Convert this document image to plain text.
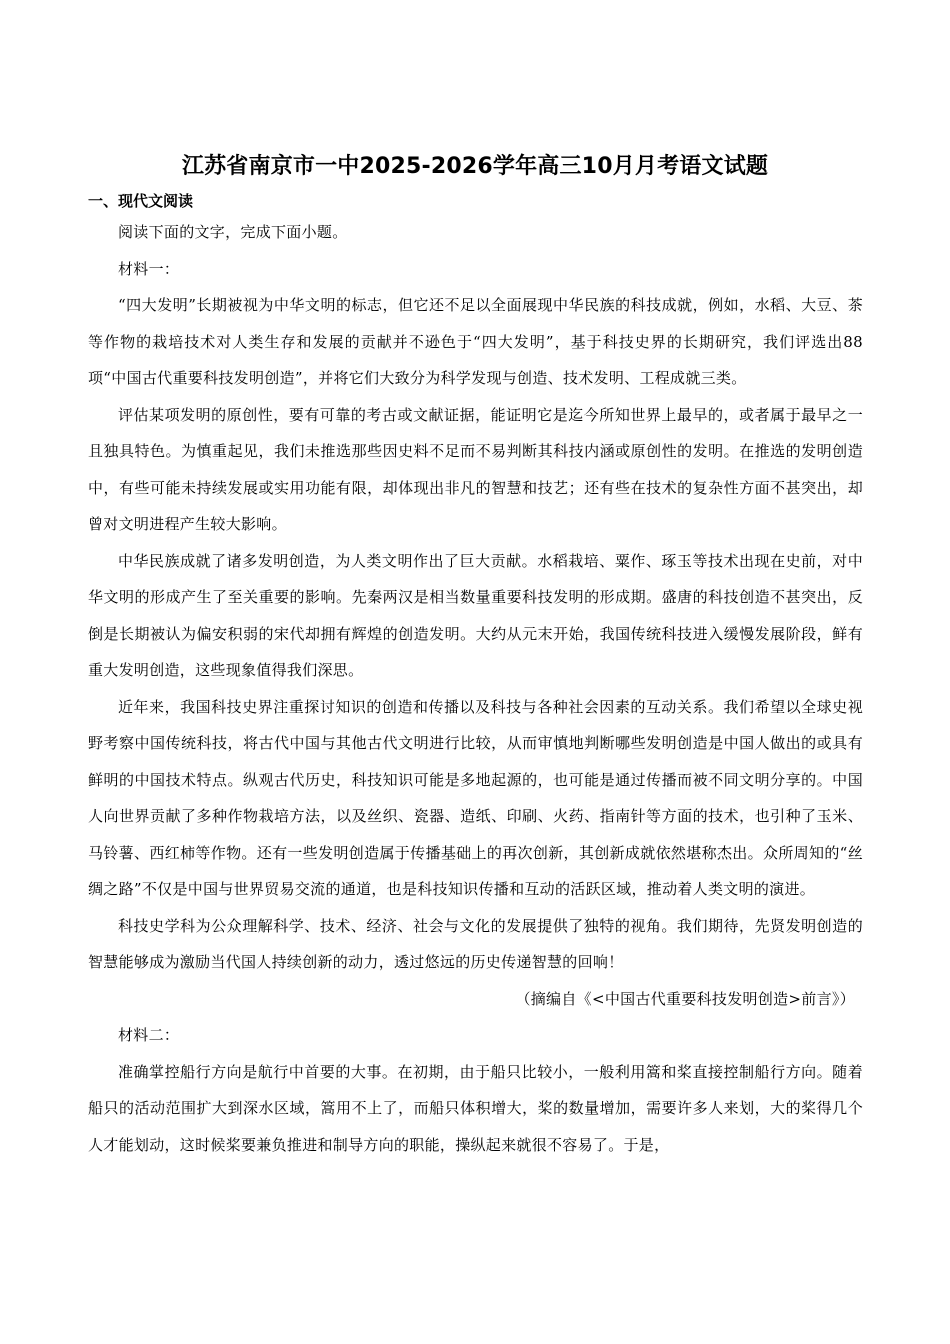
江苏省南京市一中2025-2026学年高三10月月考语文试题
一、现代文阅读

阅读下面的文字，完成下面小题。

材料一：

“四大发明”长期被视为中华文明的标志，但它还不足以全面展现中华民族的科技成就，例如，水稻、大豆、茶等作物的栽培技术对人类生存和发展的贡献并不逊色于“四大发明”，基于科技史界的长期研究，我们评选出88项“中国古代重要科技发明创造”，并将它们大致分为科学发现与创造、技术发明、工程成就三类。

评估某项发明的原创性，要有可靠的考古或文献证据，能证明它是迄今所知世界上最早的，或者属于最早之一且独具特色。为慎重起见，我们未推选那些因史料不足而不易判断其科技内涵或原创性的发明。在推选的发明创造中，有些可能未持续发展或实用功能有限，却体现出非凡的智慧和技艺；还有些在技术的复杂性方面不甚突出，却曾对文明进程产生较大影响。

中华民族成就了诸多发明创造，为人类文明作出了巨大贡献。水稻栽培、粟作、琢玉等技术出现在史前，对中华文明的形成产生了至关重要的影响。先秦两汉是相当数量重要科技发明的形成期。盛唐的科技创造不甚突出，反倒是长期被认为偏安积弱的宋代却拥有辉煌的创造发明。大约从元末开始，我国传统科技进入缓慢发展阶段，鲜有重大发明创造，这些现象值得我们深思。

近年来，我国科技史界注重探讨知识的创造和传播以及科技与各种社会因素的互动关系。我们希望以全球史视野考察中国传统科技，将古代中国与其他古代文明进行比较，从而审慎地判断哪些发明创造是中国人做出的或具有鲜明的中国技术特点。纵观古代历史，科技知识可能是多地起源的，也可能是通过传播而被不同文明分享的。中国人向世界贡献了多种作物栽培方法，以及丝织、瓷器、造纸、印刷、火药、指南针等方面的技术，也引种了玉米、马铃薯、西红柿等作物。还有一些发明创造属于传播基础上的再次创新，其创新成就依然堪称杰出。众所周知的“丝绸之路”不仅是中国与世界贸易交流的通道，也是科技知识传播和互动的活跃区域，推动着人类文明的演进。

科技史学科为公众理解科学、技术、经济、社会与文化的发展提供了独特的视角。我们期待，先贤发明创造的智慧能够成为激励当代国人持续创新的动力，透过悠远的历史传递智慧的回响！

（摘编自《<中国古代重要科技发明创造>前言》）

材料二：

准确掌控船行方向是航行中首要的大事。在初期，由于船只比较小，一般利用篙和桨直接控制船行方向。随着船只的活动范围扩大到深水区域，篙用不上了，而船只体积增大，桨的数量增加，需要许多人来划，大的桨得几个人才能划动，这时候桨要兼负推进和制导方向的职能，操纵起来就很不容易了。于是，
